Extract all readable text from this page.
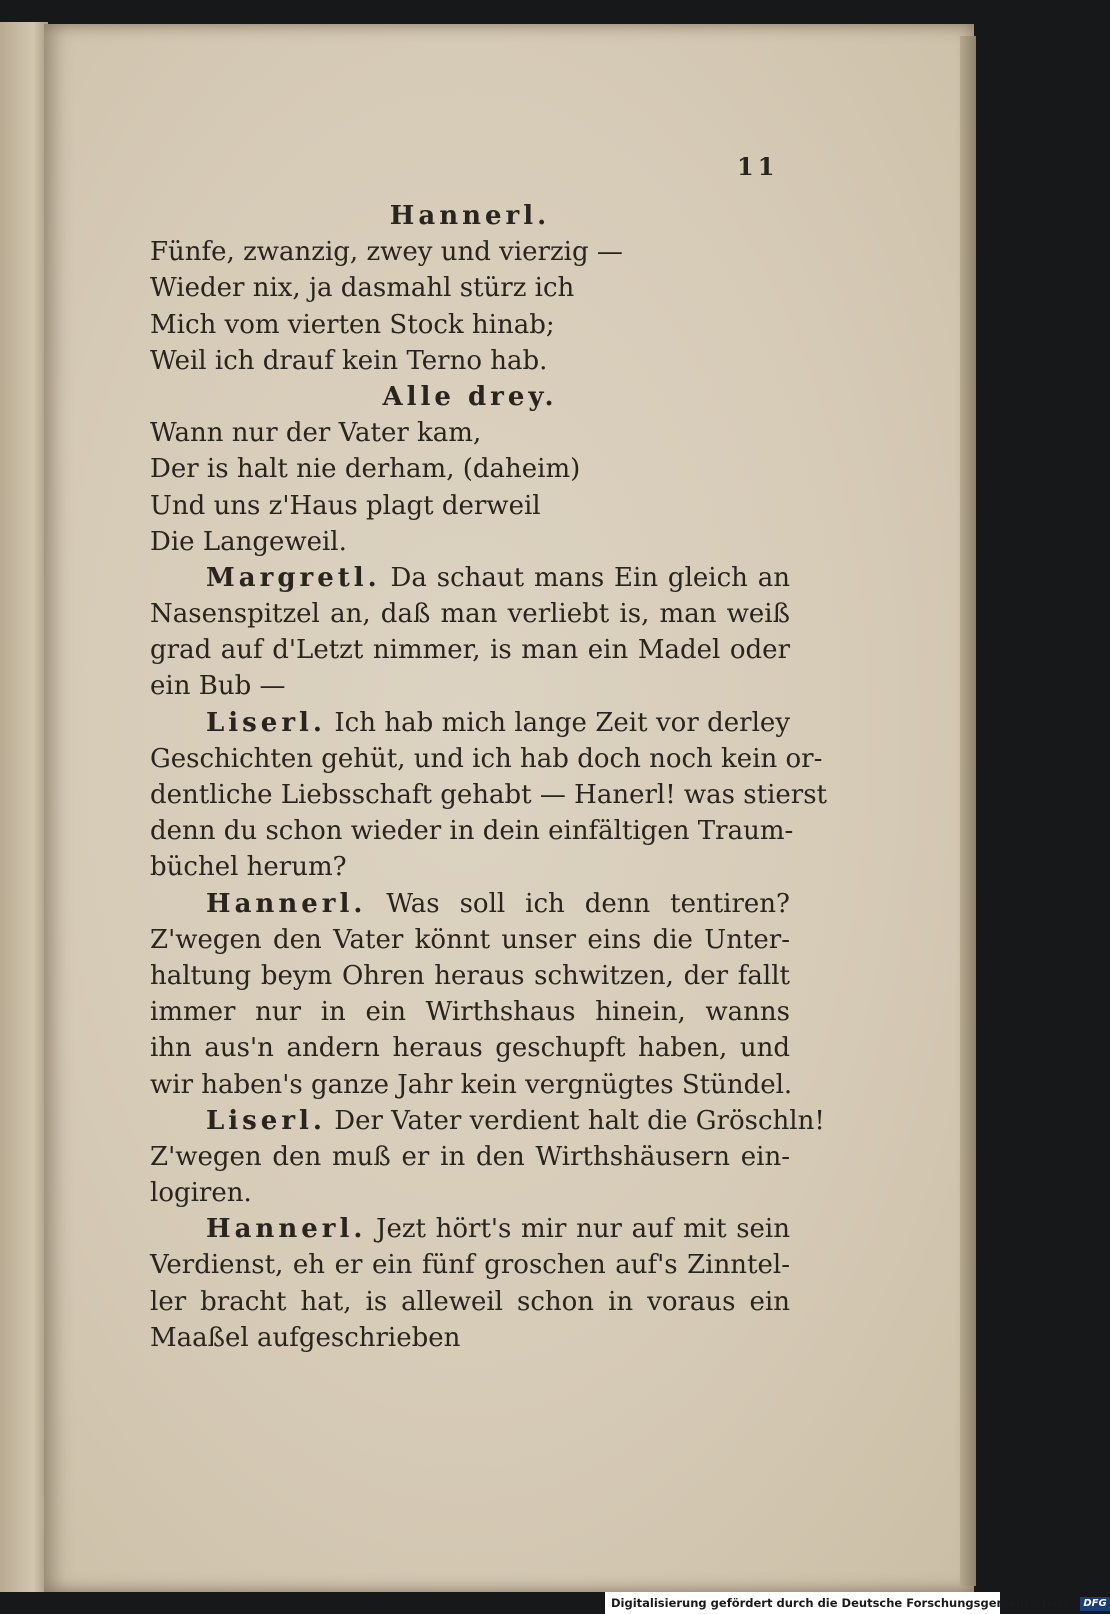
11
Hannerl.
Fünfe, zwanzig, zwey und vierzig —
Wieder nix, ja dasmahl stürz ich
Mich vom vierten Stock hinab;
Weil ich drauf kein Terno hab.
Alle drey.
Wann nur der Vater kam,
Der is halt nie derham, (daheim)
Und uns z'Haus plagt derweil
Die Langeweil.
Margretl. Da schaut mans Ein gleich an
Nasenspitzel an, daß man verliebt is, man weiß
grad auf d'Letzt nimmer, is man ein Madel oder
ein Bub —
Liserl. Ich hab mich lange Zeit vor derley
Geschichten gehüt, und ich hab doch noch kein or-
dentliche Liebsschaft gehabt — Hanerl! was stierst
denn du schon wieder in dein einfältigen Traum-
büchel herum?
Hannerl. Was soll ich denn tentiren?
Z'wegen den Vater könnt unser eins die Unter-
haltung beym Ohren heraus schwitzen, der fallt
immer nur in ein Wirthshaus hinein, wanns
ihn aus'n andern heraus geschupft haben, und
wir haben's ganze Jahr kein vergnügtes Stündel.
Liserl. Der Vater verdient halt die Gröschln!
Z'wegen den muß er in den Wirthshäusern ein-
logiren.
Hannerl. Jezt hört's mir nur auf mit sein
Verdienst, eh er ein fünf groschen auf's Zinntel-
ler bracht hat, is alleweil schon in voraus ein
Maaßel aufgeschrieben
Digitalisierung gefördert durch die Deutsche Forschungsgemeinschaft - DFG
